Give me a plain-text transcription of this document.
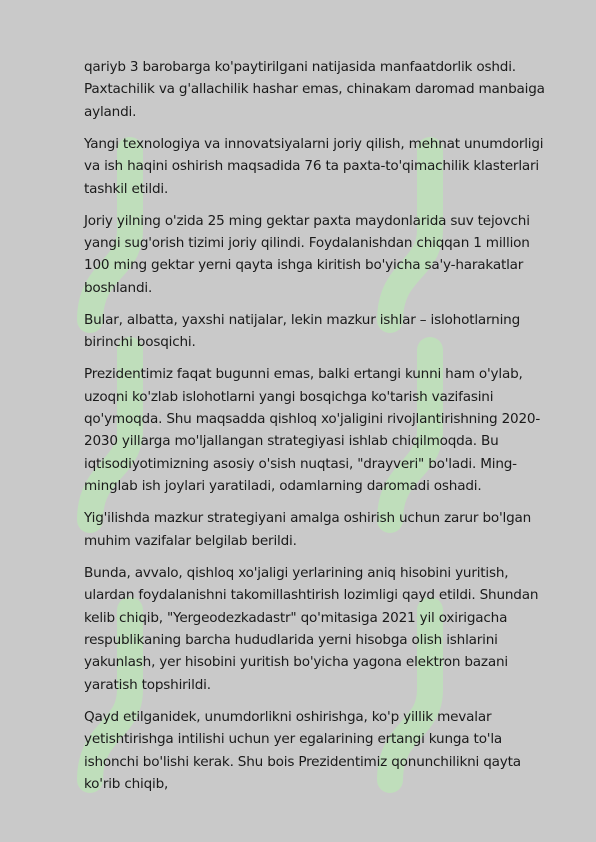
qariyb 3 barobarga ko'paytirilgani natijasida manfaatdorlik oshdi. Paxtachilik va g'allachilik hashar emas, chinakam daromad manbaiga aylandi.

Yangi texnologiya va innovatsiyalarni joriy qilish, mehnat unumdorligi va ish haqini oshirish maqsadida 76 ta paxta-to'qimachilik klasterlari tashkil etildi.

Joriy yilning o'zida 25 ming gektar paxta maydonlarida suv tejovchi yangi sug'orish tizimi joriy qilindi. Foydalanishdan chiqqan 1 million 100 ming gektar yerni qayta ishga kiritish bo'yicha sa'y-harakatlar boshlandi.

Bular, albatta, yaxshi natijalar, lekin mazkur ishlar – islohotlarning birinchi bosqichi.

Prezidentimiz faqat bugunni emas, balki ertangi kunni ham o'ylab, uzoqni ko'zlab islohotlarni yangi bosqichga ko'tarish vazifasini qo'ymoqda. Shu maqsadda qishloq xo'jaligini rivojlantirishning 2020-2030 yillarga mo'ljallangan strategiyasi ishlab chiqilmoqda. Bu iqtisodiyotimizning asosiy o'sish nuqtasi, "drayveri" bo'ladi. Ming-minglab ish joylari yaratiladi, odamlarning daromadi oshadi.

Yig'ilishda mazkur strategiyani amalga oshirish uchun zarur bo'lgan muhim vazifalar belgilab berildi.

Bunda, avvalo, qishloq xo'jaligi yerlarining aniq hisobini yuritish, ulardan foydalanishni takomillashtirish lozimligi qayd etildi. Shundan kelib chiqib, "Yergeodezkadastr" qo'mitasiga 2021 yil oxirigacha respublikaning barcha hududlarida yerni hisobga olish ishlarini yakunlash, yer hisobini yuritish bo'yicha yagona elektron bazani yaratish topshirildi.

Qayd etilganidek, unumdorlikni oshirishga, ko'p yillik mevalar yetishtirishga intilishi uchun yer egalarining ertangi kunga to'la ishonchi bo'lishi kerak. Shu bois Prezidentimiz qonunchilikni qayta ko'rib chiqib,
